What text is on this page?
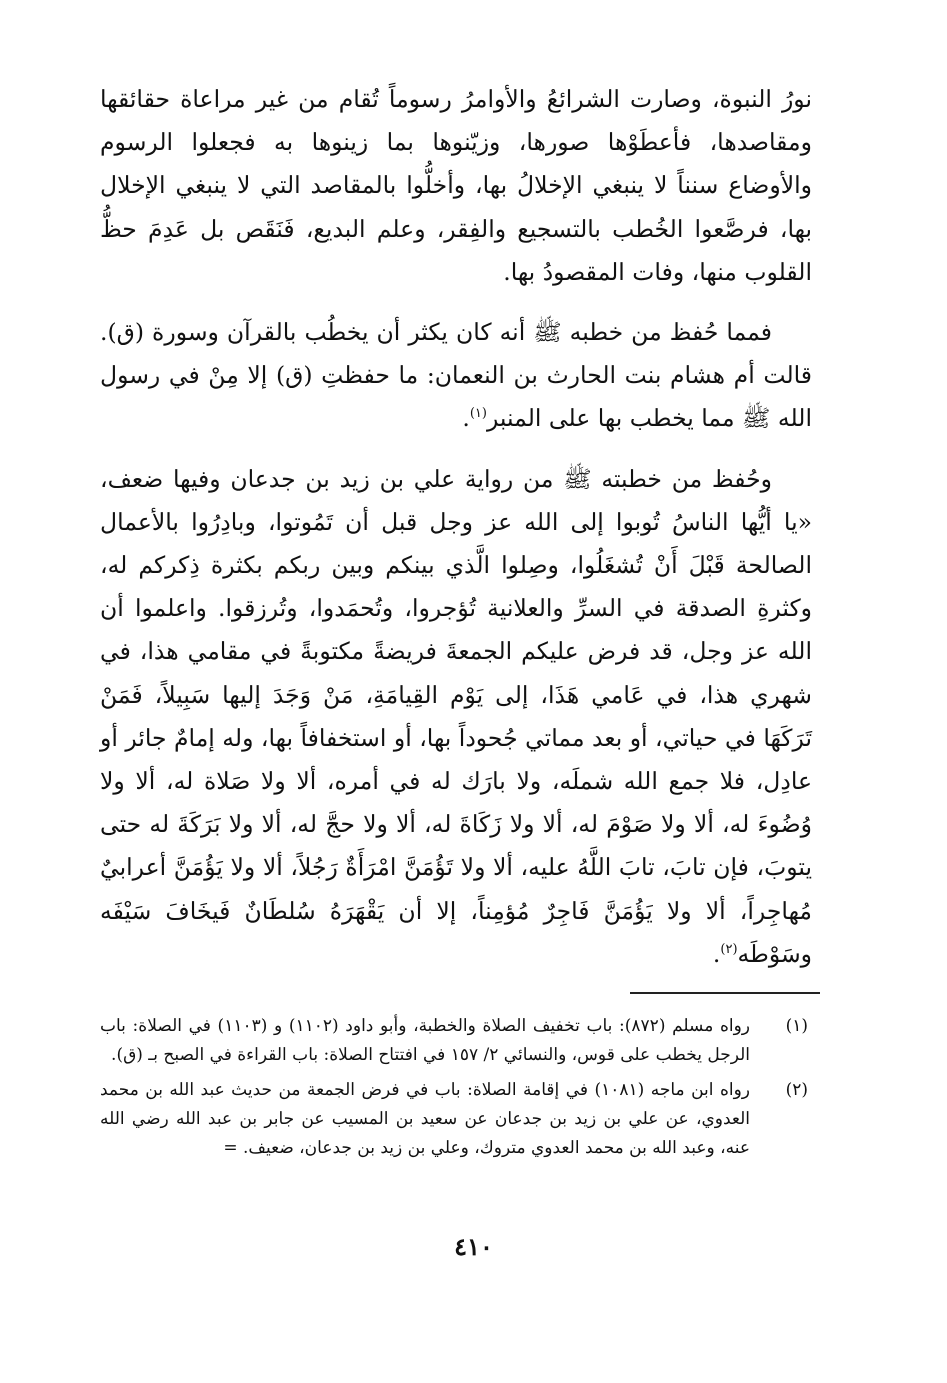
نورُ النبوة، وصارت الشرائعُ والأوامرُ رسوماً تُقام من غير مراعاة حقائقها ومقاصدها، فأعطَوْها صورها، وزيّنوها بما زينوها به فجعلوا الرسوم والأوضاع سنناً لا ينبغي الإخلالُ بها، وأخلُّوا بالمقاصد التي لا ينبغي الإخلال بها، فرصَّعوا الخُطب بالتسجيع والفِقر، وعلم البديع، فَنَقَص بل عَدِمَ حظُّ القلوب منها، وفات المقصودُ بها.

فمما حُفظ من خطبه ﷺ أنه كان يكثر أن يخطُب بالقرآن وسورة (ق). قالت أم هشام بنت الحارث بن النعمان: ما حفظتِ (ق) إلا مِنْ في رسول الله ﷺ مما يخطب بها على المنبر$^{(١)}$.

وحُفظ من خطبته ﷺ من رواية علي بن زيد بن جدعان وفيها ضعف، «يا أيُّها الناسُ تُوبوا إلى الله عز وجل قبل أن تَمُوتوا، وبادِرُوا بالأعمال الصالحة قَبْلَ أَنْ تُشغَلُوا، وصِلوا الَّذي بينكم وبين ربكم بكثرة ذِكركم له، وكثرةِ الصدقة في السرِّ والعلانية تُؤجروا، وتُحمَدوا، وتُرزقوا. واعلموا أن الله عز وجل، قد فرض عليكم الجمعةَ فريضةً مكتوبةً في مقامي هذا، في شهري هذا، في عَامي هَذَا، إلى يَوْم القِيامَةِ، مَنْ وَجَدَ إليها سَبِيلاً، فَمَنْ تَرَكَهَا في حياتي، أو بعد مماتي جُحوداً بها، أو استخفافاً بها، وله إمامٌ جائر أو عادِل، فلا جمع الله شملَه، ولا بارَك له في أمره، ألا ولا صَلاة له، ألا ولا وُضُوءَ له، ألا ولا صَوْمَ له، ألا ولا زَكَاةَ له، ألا ولا حجَّ له، ألا ولا بَرَكَةَ له حتى يتوبَ، فإن تابَ، تابَ اللَّهُ عليه، ألا ولا تَؤُمَنَّ امْرَأَةٌ رَجُلاً، ألا ولا يَؤُمَنَّ أعرابيٌ مُهاجِراً، ألا ولا يَؤُمَنَّ فَاجِرٌ مُؤمِناً، إلا أن يَقْهَرَهُ سُلطَانٌ فَيخَافَ سَيْفَه وسَوْطَه$^{(٢)}$.

(١)

رواه مسلم (٨٧٢): باب تخفيف الصلاة والخطبة، وأبو داود (١١٠٢) و (١١٠٣) في الصلاة: باب الرجل يخطب على قوس، والنسائي ٢/ ١٥٧ في افتتاح الصلاة: باب القراءة في الصبح بـ (ق).

(٢)

رواه ابن ماجه (١٠٨١) في إقامة الصلاة: باب في فرض الجمعة من حديث عبد الله بن محمد العدوي، عن علي بن زيد بن جدعان عن سعيد بن المسيب عن جابر بن عبد الله رضي الله عنه، وعبد الله بن محمد العدوي متروك، وعلي بن زيد بن جدعان، ضعيف. =

٤١٠
